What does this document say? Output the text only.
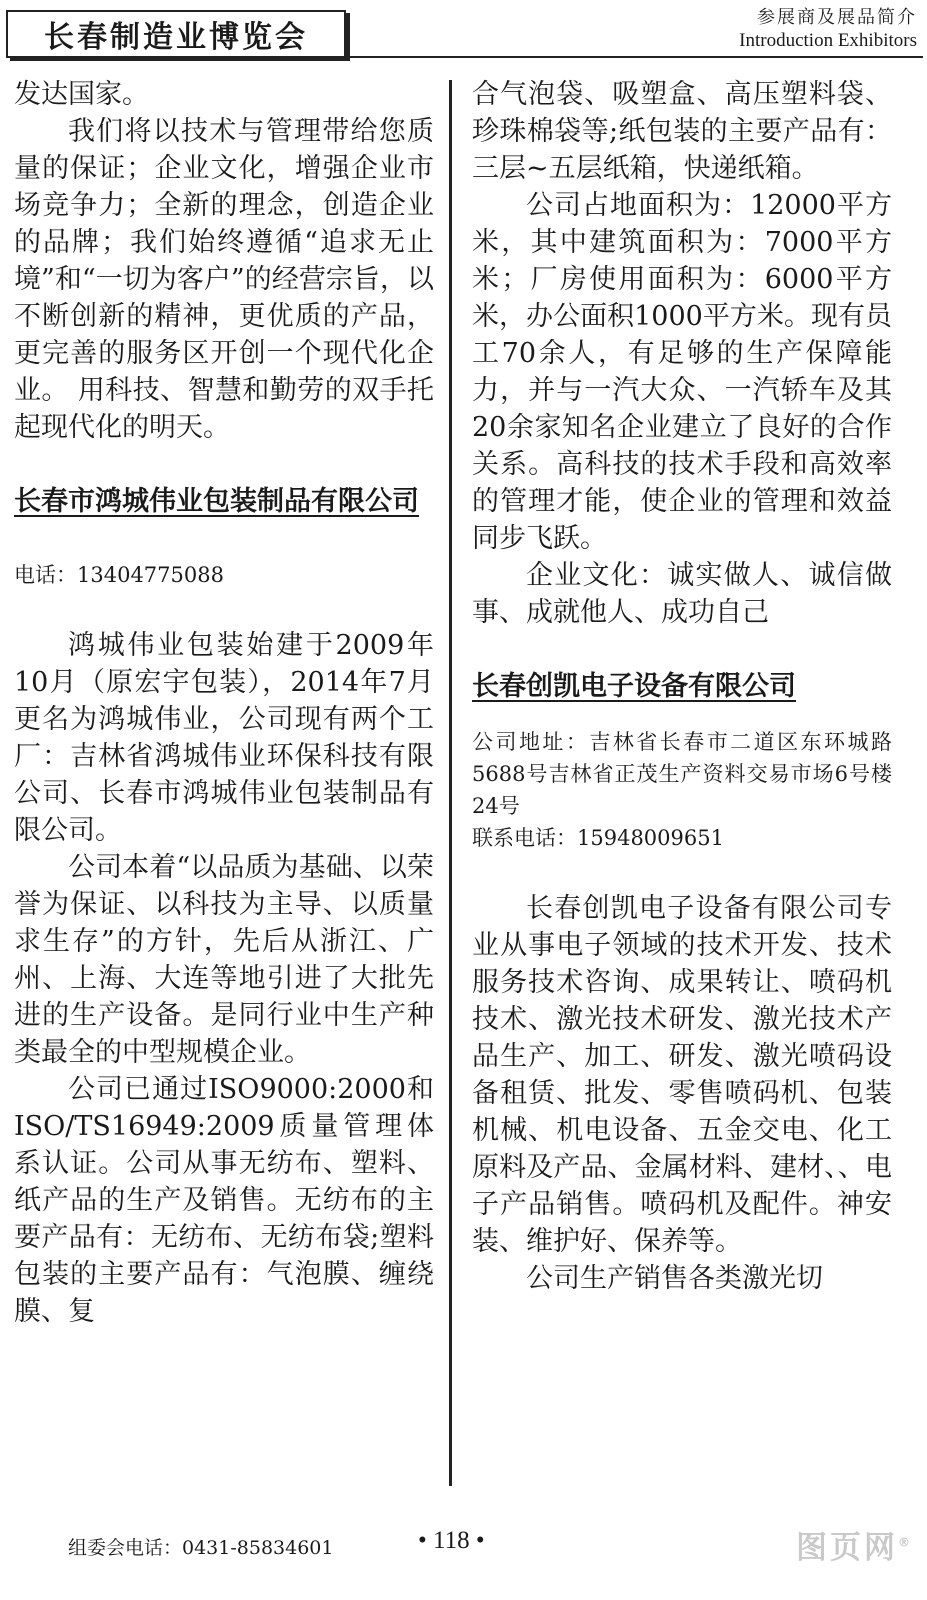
长春制造业博览会
参展商及展品简介
Introduction Exhibitors

发达国家。

我们将以技术与管理带给您质量的保证；企业文化，增强企业市场竞争力；全新的理念，创造企业的品牌；我们始终遵循“追求无止境”和“一切为客户”的经营宗旨，以不断创新的精神，更优质的产品，更完善的服务区开创一个现代化企业。 用科技、智慧和勤劳的双手托起现代化的明天。

长春市鸿城伟业包装制品有限公司

电话：13404775088

鸿城伟业包装始建于2009年10月（原宏宇包装），2014年7月更名为鸿城伟业，公司现有两个工厂：吉林省鸿城伟业环保科技有限公司、长春市鸿城伟业包装制品有限公司。

公司本着“以品质为基础、以荣誉为保证、以科技为主导、以质量求生存”的方针，先后从浙江、广州、上海、大连等地引进了大批先进的生产设备。是同行业中生产种类最全的中型规模企业。

公司已通过ISO9000:2000和ISO/TS16949:2009质量管理体系认证。公司从事无纺布、塑料、纸产品的生产及销售。无纺布的主要产品有：无纺布、无纺布袋;塑料包装的主要产品有：气泡膜、缠绕膜、复

合气泡袋、吸塑盒、高压塑料袋、珍珠棉袋等;纸包装的主要产品有：三层~五层纸箱，快递纸箱。

公司占地面积为：12000平方米，其中建筑面积为：7000平方米；厂房使用面积为：6000平方米，办公面积1000平方米。现有员工70余人，有足够的生产保障能力，并与一汽大众、一汽轿车及其20余家知名企业建立了良好的合作关系。高科技的技术手段和高效率的管理才能，使企业的管理和效益同步飞跃。

企业文化：诚实做人、诚信做事、成就他人、成功自己

长春创凯电子设备有限公司

公司地址：吉林省长春市二道区东环城路5688号吉林省正茂生产资料交易市场6号楼24号

联系电话：15948009651

长春创凯电子设备有限公司专业从事电子领域的技术开发、技术服务技术咨询、成果转让、喷码机技术、激光技术研发、激光技术产品生产、加工、研发、激光喷码设备租赁、批发、零售喷码机、包装机械、机电设备、五金交电、化工原料及产品、金属材料、建材、、电子产品销售。喷码机及配件。神安装、维护好、保养等。

公司生产销售各类激光切

组委会电话：0431-85834601	• 118 •	图页网®
